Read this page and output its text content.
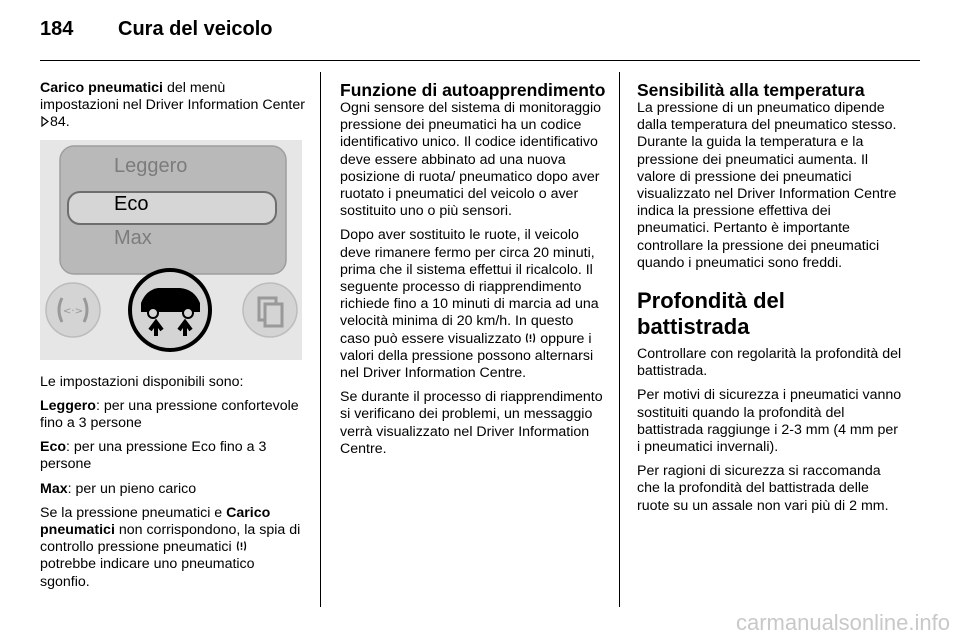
184 Cura del veicolo

Carico pneumatici del menù impostazioni nel Driver Information Center 84.

<·>
Leggero
Eco
Max

Le impostazioni disponibili sono:

Leggero: per una pressione confortevole fino a 3 persone

Eco: per una pressione Eco fino a 3 persone

Max: per un pieno carico

Se la pressione pneumatici e Carico pneumatici non corrispondono, la spia di controllo pressione pneumatici  potrebbe indicare uno pneumatico sgonfio.

Funzione di autoapprendimento

Ogni sensore del sistema di monitoraggio pressione dei pneumatici ha un codice identificativo unico. Il codice identificativo deve essere abbinato ad una nuova posizione di ruota/ pneumatico dopo aver ruotato i pneumatici del veicolo o aver sostituito uno o più sensori.

Dopo aver sostituito le ruote, il veicolo deve rimanere fermo per circa 20 minuti, prima che il sistema effettui il ricalcolo. Il seguente processo di riapprendimento richiede fino a 10 minuti di marcia ad una velocità minima di 20 km/h. In questo caso può essere visualizzato  oppure i valori della pressione possono alternarsi nel Driver Information Centre.

Se durante il processo di riapprendimento si verificano dei problemi, un messaggio verrà visualizzato nel Driver Information Centre.

Sensibilità alla temperatura

La pressione di un pneumatico dipende dalla temperatura del pneumatico stesso. Durante la guida la temperatura e la pressione dei pneumatici aumenta. Il valore di pressione dei pneumatici visualizzato nel Driver Information Centre indica la pressione effettiva dei pneumatici. Pertanto è importante controllare la pressione dei pneumatici quando i pneumatici sono freddi.

Profondità del battistrada

Controllare con regolarità la profondità del battistrada.

Per motivi di sicurezza i pneumatici vanno sostituiti quando la profondità del battistrada raggiunge i 2-3 mm (4 mm per i pneumatici invernali).

Per ragioni di sicurezza si raccomanda che la profondità del battistrada delle ruote su un assale non vari più di 2 mm.

carmanualsonline.info
